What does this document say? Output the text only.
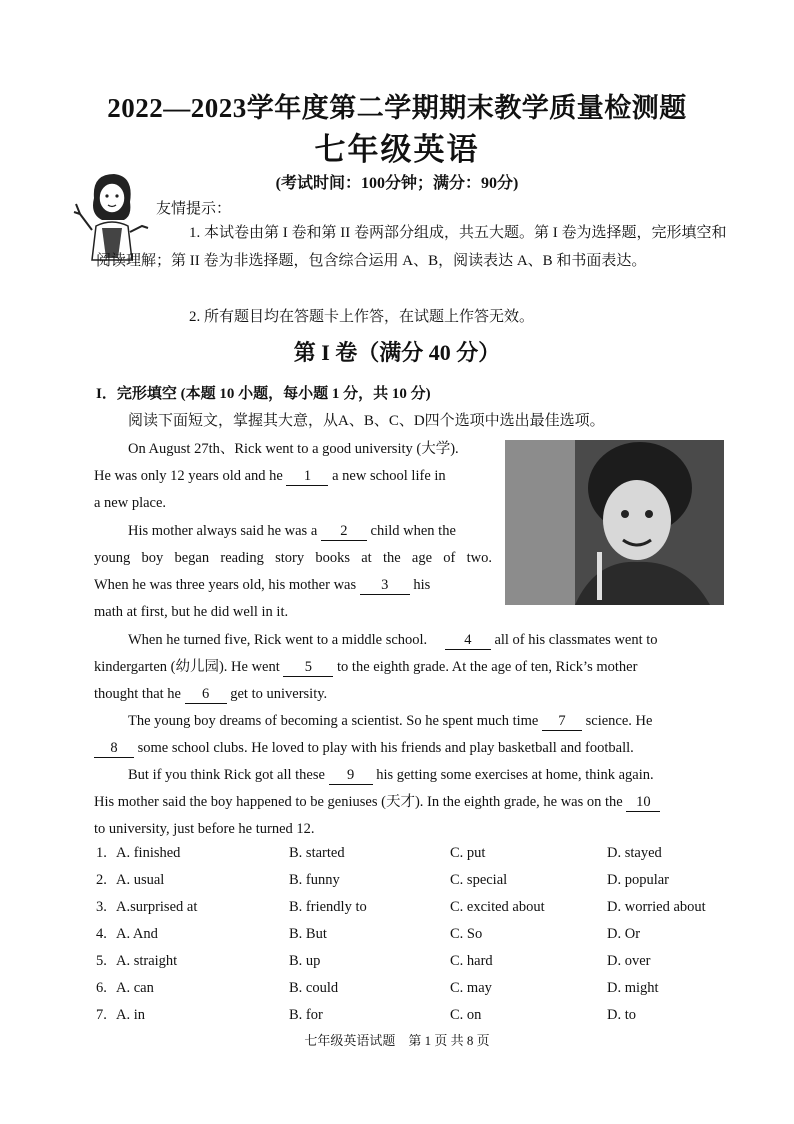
2022—2023学年度第二学期期末教学质量检测题
七年级英语
(考试时间：100分钟；满分：90分)
友情提示：
1. 本试卷由第 I 卷和第 II 卷两部分组成，共五大题。第 I 卷为选择题，完形填空和阅读理解；第 II 卷为非选择题，包含综合运用 A、B，阅读表达 A、B 和书面表达。
2. 所有题目均在答题卡上作答，在试题上作答无效。
第 I 卷（满分 40 分）
I．完形填空 (本题 10 小题，每小题 1 分，共 10 分)
阅读下面短文，掌握其大意，从A、B、C、D四个选项中选出最佳选项。

On August 27th、Rick went to a good university (大学).

He was only 12 years old and he 1 a new school life in

a new place.

His mother always said he was a 2 child when the

young boy began reading story books at the age of two.

When he was three years old, his mother was 3 his

math at first, but he did well in it.

When he turned five, Rick went to a middle school.	4 all of his classmates went to

kindergarten (幼儿园). He went 5 to the eighth grade. At the age of ten, Rick’s mother

thought that he 6 get to university.

The young boy dreams of becoming a scientist. So he spent much time 7 science. He

8 some school clubs. He loved to play with his friends and play basketball and football.

But if you think Rick got all these 9 his getting some exercises at home, think again.

His mother said the boy happened to be geniuses (天才). In the eighth grade, he was on the 10

to university, just before he turned 12.

1. A. finished	B. started	C. put	D. stayed
2. A. usual	B. funny	C. special	D. popular
3. A.surprised at	B. friendly to	C. excited about	D. worried about
4. A. And	B. But	C. So	D. Or
5. A. straight	B. up	C. hard	D. over
6. A. can	B. could	C. may	D. might
7. A. in	B. for	C. on	D. to
七年级英语试题　第 1 页 共 8 页
